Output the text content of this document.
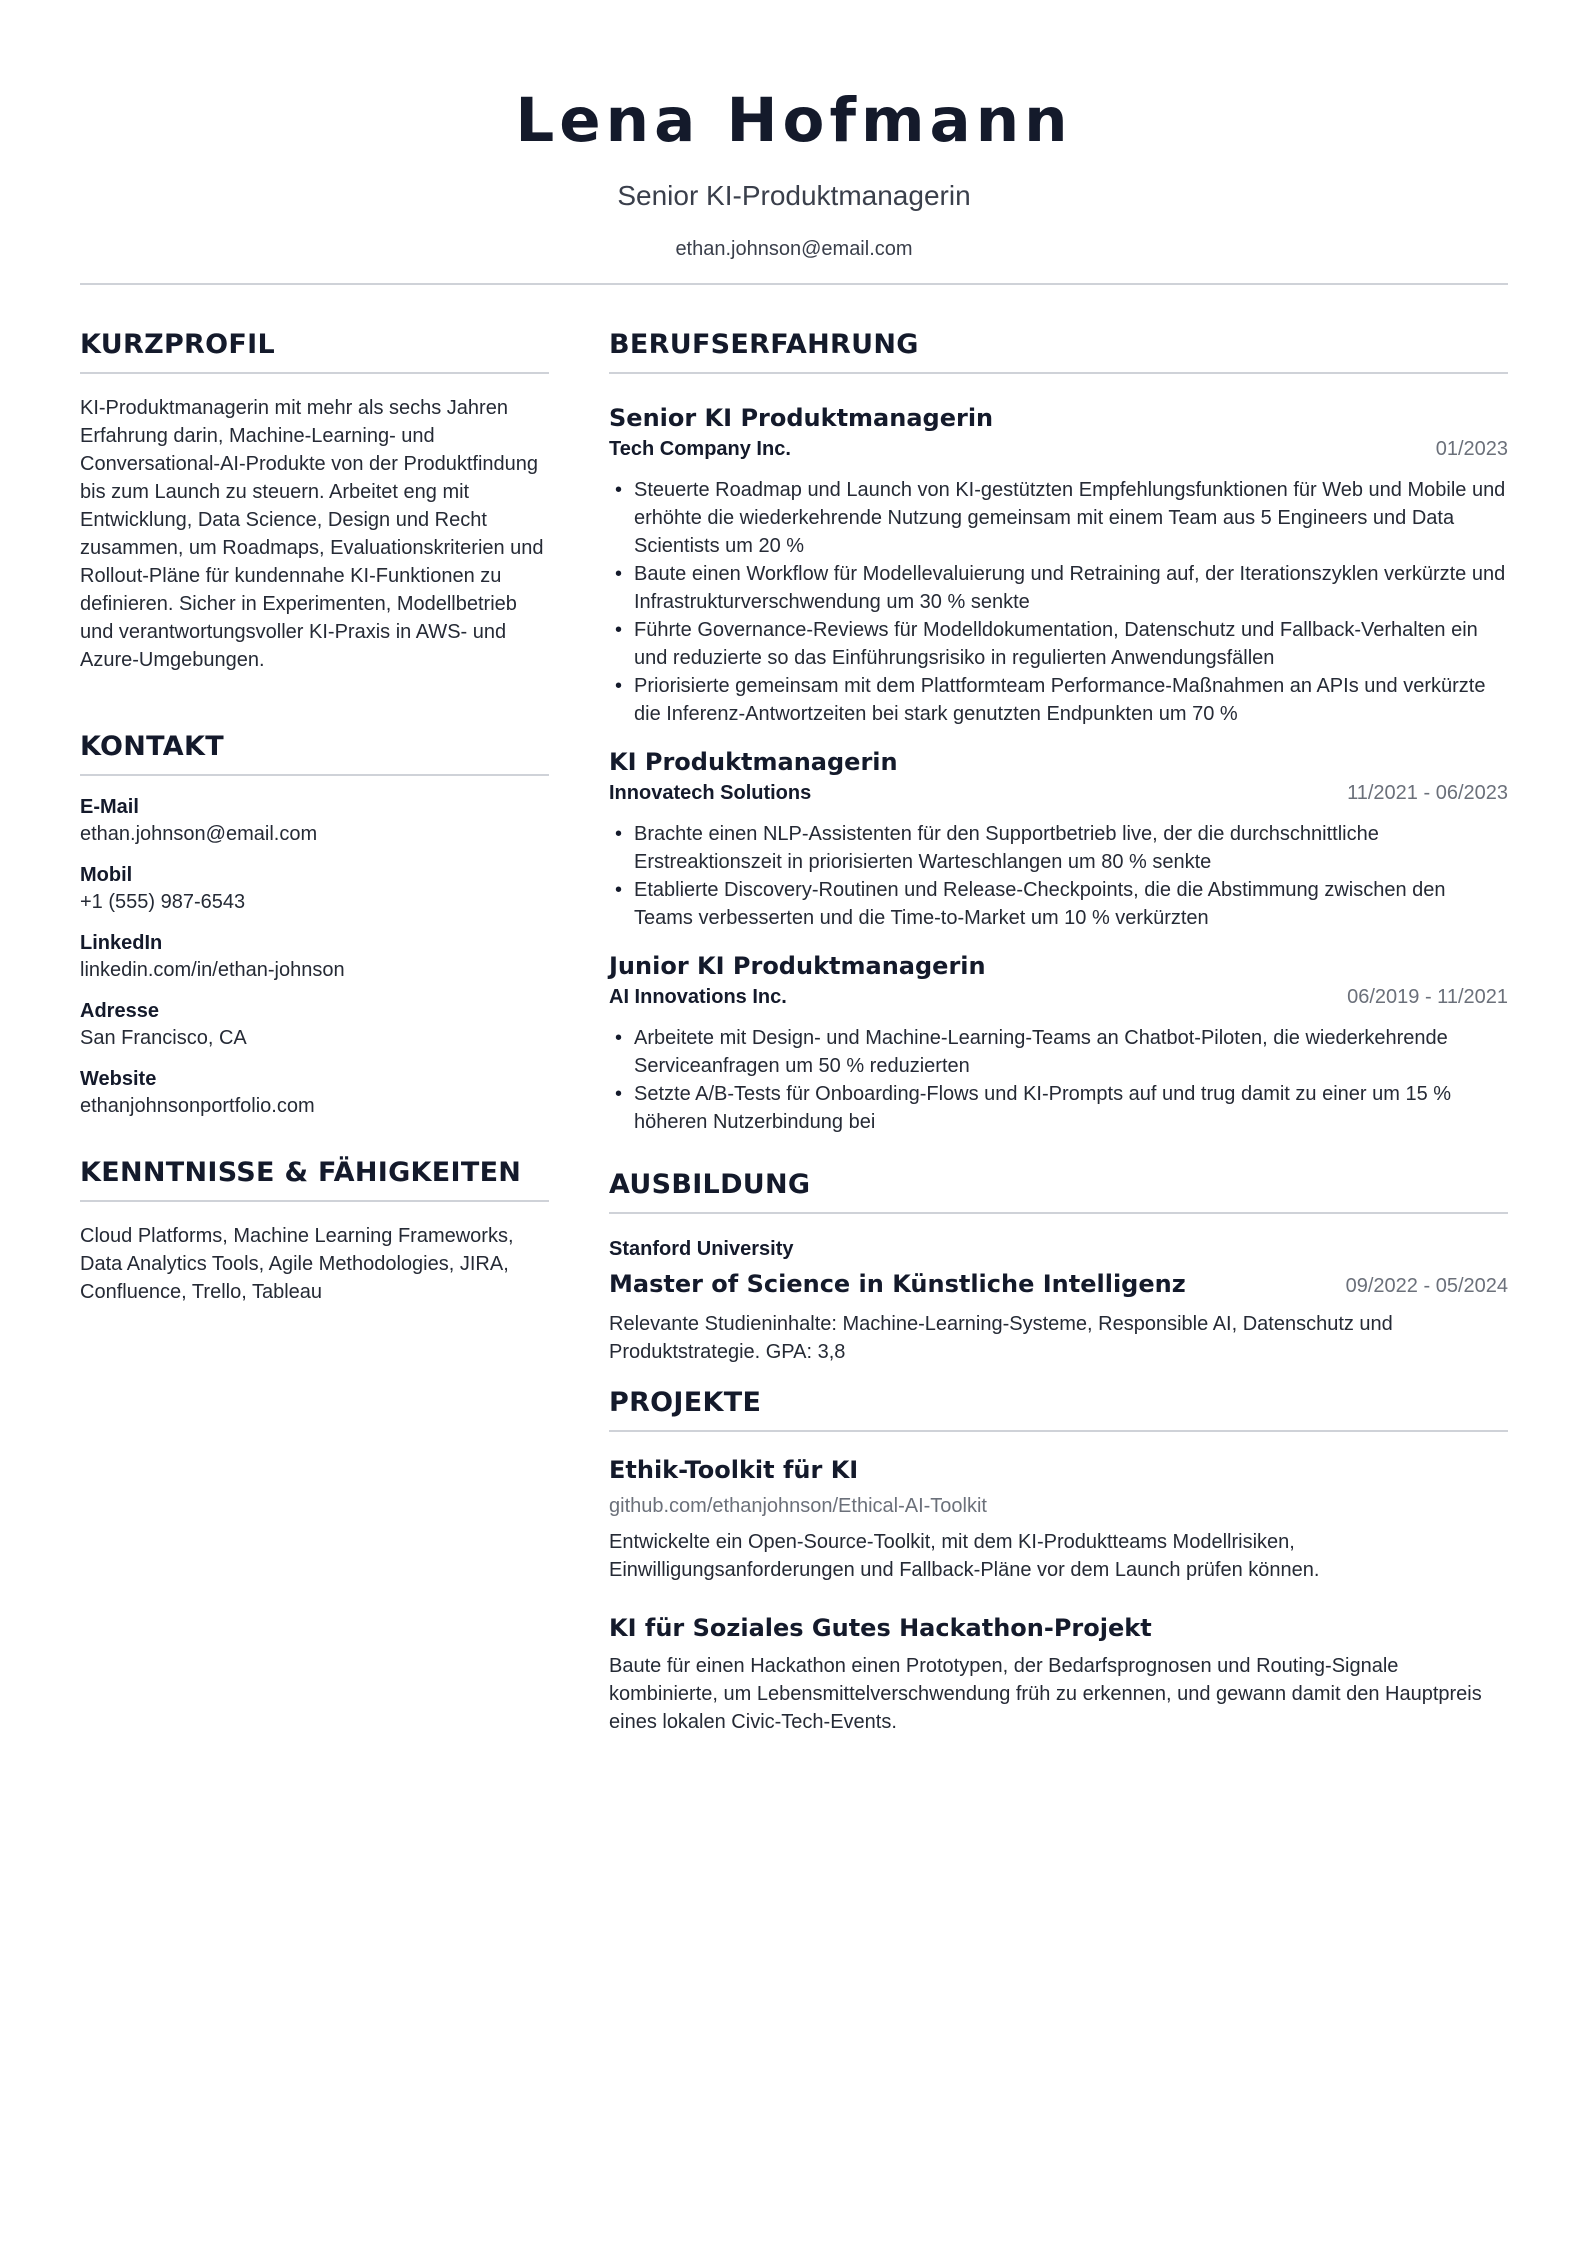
Lena Hofmann
Senior KI-Produktmanagerin
ethan.johnson@email.com
KURZPROFIL
KI-Produktmanagerin mit mehr als sechs Jahren Erfahrung darin, Machine-Learning- und Conversational-AI-Produkte von der Produktfindung bis zum Launch zu steuern. Arbeitet eng mit Entwicklung, Data Science, Design und Recht zusammen, um Roadmaps, Evaluationskriterien und Rollout-Pläne für kundennahe KI-Funktionen zu definieren. Sicher in Experimenten, Modellbetrieb und verantwortungsvoller KI-Praxis in AWS- und Azure-Umgebungen.
KONTAKT
E-Mail
ethan.johnson@email.com
Mobil
+1 (555) 987-6543
LinkedIn
linkedin.com/in/ethan-johnson
Adresse
San Francisco, CA
Website
ethanjohnsonportfolio.com
KENNTNISSE & FÄHIGKEITEN
Cloud Platforms, Machine Learning Frameworks, Data Analytics Tools, Agile Methodologies, JIRA, Confluence, Trello, Tableau
BERUFSERFAHRUNG
Senior KI Produktmanagerin
Tech Company Inc.	01/2023
• Steuerte Roadmap und Launch von KI-gestützten Empfehlungsfunktionen für Web und Mobile und erhöhte die wiederkehrende Nutzung gemeinsam mit einem Team aus 5 Engineers und Data Scientists um 20 %
• Baute einen Workflow für Modellevaluierung und Retraining auf, der Iterationszyklen verkürzte und Infrastrukturverschwendung um 30 % senkte
• Führte Governance-Reviews für Modelldokumentation, Datenschutz und Fallback-Verhalten ein und reduzierte so das Einführungsrisiko in regulierten Anwendungsfällen
• Priorisierte gemeinsam mit dem Plattformteam Performance-Maßnahmen an APIs und verkürzte die Inferenz-Antwortzeiten bei stark genutzten Endpunkten um 70 %
KI Produktmanagerin
Innovatech Solutions	11/2021 - 06/2023
• Brachte einen NLP-Assistenten für den Supportbetrieb live, der die durchschnittliche Erstreaktionszeit in priorisierten Warteschlangen um 80 % senkte
• Etablierte Discovery-Routinen und Release-Checkpoints, die die Abstimmung zwischen den Teams verbesserten und die Time-to-Market um 10 % verkürzten
Junior KI Produktmanagerin
AI Innovations Inc.	06/2019 - 11/2021
• Arbeitete mit Design- und Machine-Learning-Teams an Chatbot-Piloten, die wiederkehrende Serviceanfragen um 50 % reduzierten
• Setzte A/B-Tests für Onboarding-Flows und KI-Prompts auf und trug damit zu einer um 15 % höheren Nutzerbindung bei
AUSBILDUNG
Stanford University
Master of Science in Künstliche Intelligenz	09/2022 - 05/2024
Relevante Studieninhalte: Machine-Learning-Systeme, Responsible AI, Datenschutz und Produktstrategie. GPA: 3,8
PROJEKTE
Ethik-Toolkit für KI
github.com/ethanjohnson/Ethical-AI-Toolkit
Entwickelte ein Open-Source-Toolkit, mit dem KI-Produktteams Modellrisiken, Einwilligungsanforderungen und Fallback-Pläne vor dem Launch prüfen können.
KI für Soziales Gutes Hackathon-Projekt
Baute für einen Hackathon einen Prototypen, der Bedarfsprognosen und Routing-Signale kombinierte, um Lebensmittelverschwendung früh zu erkennen, und gewann damit den Hauptpreis eines lokalen Civic-Tech-Events.
